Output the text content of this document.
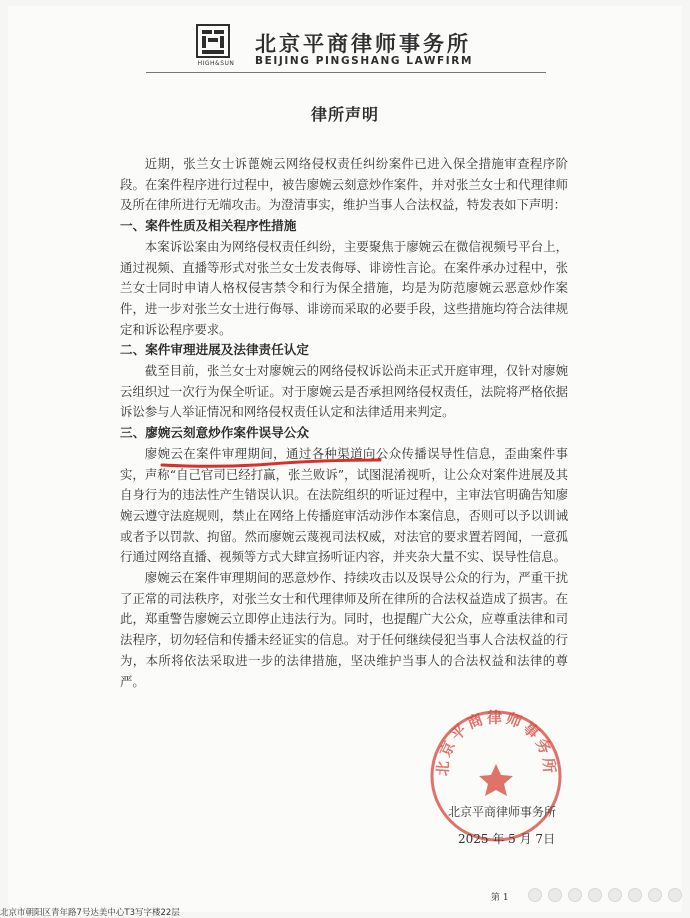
HIGH&SUN
北京平商律师事务所
BEIJING PINGSHANG LAWFIRM
律所声明

近期，张兰女士诉蓖婉云网络侵权责任纠纷案件已进入保全措施审查程序阶段。在案件程序进行过程中，被告廖婉云刻意炒作案件，并对张兰女士和代理律师及所在律所进行无端攻击。为澄清事实，维护当事人合法权益，特发表如下声明：

一、案件性质及相关程序性措施

本案诉讼案由为网络侵权责任纠纷，主要聚焦于廖婉云在微信视频号平台上，通过视频、直播等形式对张兰女士发表侮辱、诽谤性言论。在案件承办过程中，张兰女士同时申请人格权侵害禁令和行为保全措施，均是为防范廖婉云恶意炒作案件，进一步对张兰女士进行侮辱、诽谤而采取的必要手段，这些措施均符合法律规定和诉讼程序要求。

二、案件审理进展及法律责任认定

截至目前，张兰女士对廖婉云的网络侵权诉讼尚未正式开庭审理，仅针对廖婉云组织过一次行为保全听证。对于廖婉云是否承担网络侵权责任，法院将严格依据诉讼参与人举证情况和网络侵权责任认定和法律适用来判定。

三、廖婉云刻意炒作案件误导公众

廖婉云在案件审理期间，通过各种渠道向公众传播误导性信息，歪曲案件事实，声称“自己官司已经打赢，张兰败诉”，试图混淆视听，让公众对案件进展及其自身行为的违法性产生错误认识。在法院组织的听证过程中，主审法官明确告知廖婉云遵守法庭规则，禁止在网络上传播庭审活动涉作本案信息，否则可以予以训诫或者予以罚款、拘留。然而廖婉云蔑视司法权威，对法官的要求置若罔闻，一意孤行通过网络直播、视频等方式大肆宣扬听证内容，并夹杂大量不实、误导性信息。

廖婉云在案件审理期间的恶意炒作、持续攻击以及误导公众的行为，严重干扰了正常的司法秩序，对张兰女士和代理律师及所在律所的合法权益造成了损害。在此，郑重警告廖婉云立即停止违法行为。同时，也提醒广大公众，应尊重法律和司法程序，切勿轻信和传播未经证实的信息。对于任何继续侵犯当事人合法权益的行为，本所将依法采取进一步的法律措施，坚决维护当事人的合法权益和法律的尊严。

北京平商律师事务所
北京平商律师事务所
2025 年 5 月 7日
第 1
北京市朝阳区青年路7号达美中心T3写字楼22层
